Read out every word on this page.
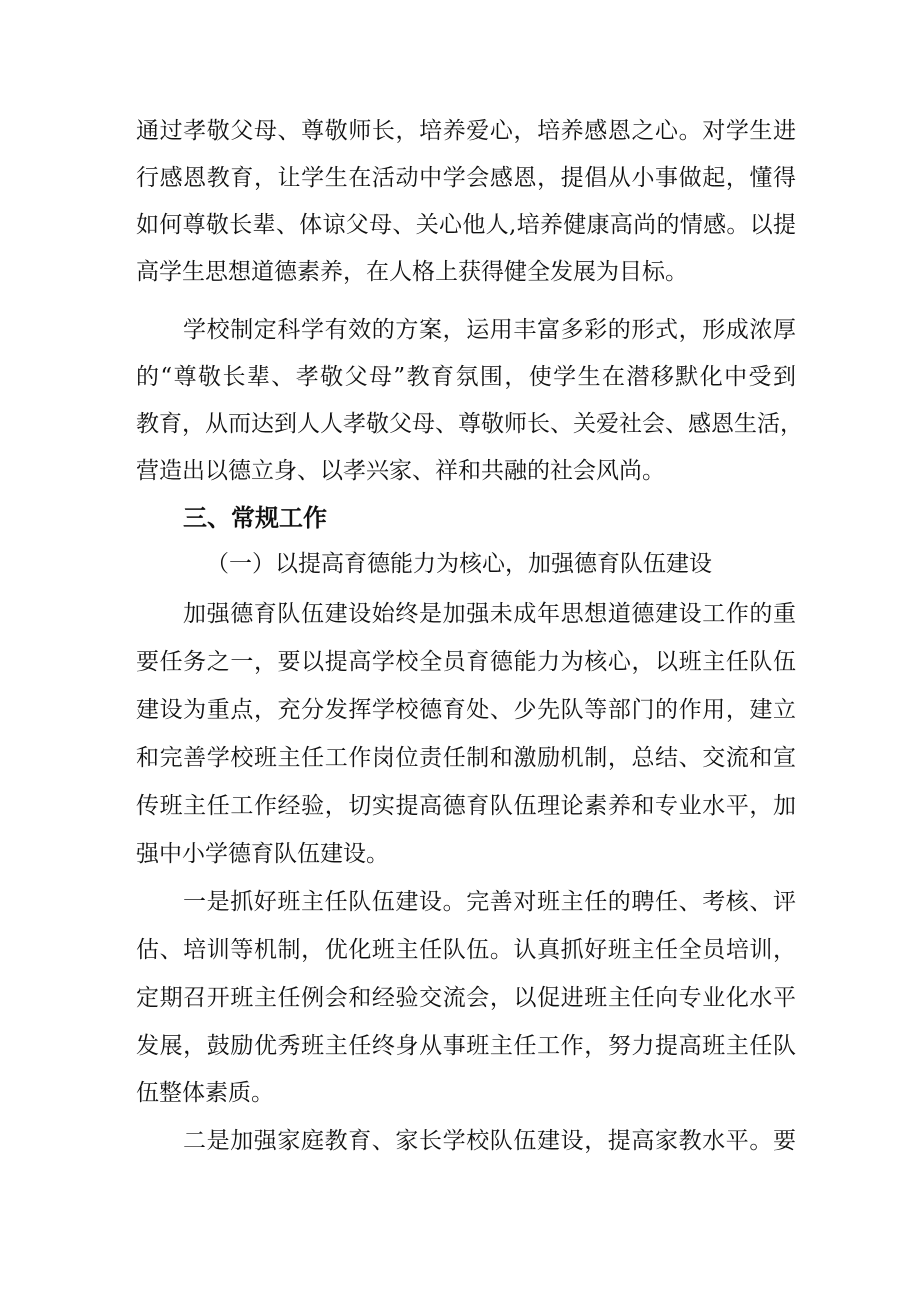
通过孝敬父母、尊敬师长，培养爱心，培养感恩之心。对学生进
行感恩教育，让学生在活动中学会感恩，提倡从小事做起，懂得
如何尊敬长辈、体谅父母、关心他人,培养健康高尚的情感。以提
高学生思想道德素养，在人格上获得健全发展为目标。
学校制定科学有效的方案，运用丰富多彩的形式，形成浓厚
的“尊敬长辈、孝敬父母”教育氛围，使学生在潜移默化中受到
教育，从而达到人人孝敬父母、尊敬师长、关爱社会、感恩生活，
营造出以德立身、以孝兴家、祥和共融的社会风尚。
三、常规工作
（一）以提高育德能力为核心，加强德育队伍建设
加强德育队伍建设始终是加强未成年思想道德建设工作的重
要任务之一，要以提高学校全员育德能力为核心，以班主任队伍
建设为重点，充分发挥学校德育处、少先队等部门的作用，建立
和完善学校班主任工作岗位责任制和激励机制，总结、交流和宣
传班主任工作经验，切实提高德育队伍理论素养和专业水平，加
强中小学德育队伍建设。
一是抓好班主任队伍建设。完善对班主任的聘任、考核、评
估、培训等机制，优化班主任队伍。认真抓好班主任全员培训，
定期召开班主任例会和经验交流会，以促进班主任向专业化水平
发展，鼓励优秀班主任终身从事班主任工作，努力提高班主任队
伍整体素质。
二是加强家庭教育、家长学校队伍建设，提高家教水平。要
